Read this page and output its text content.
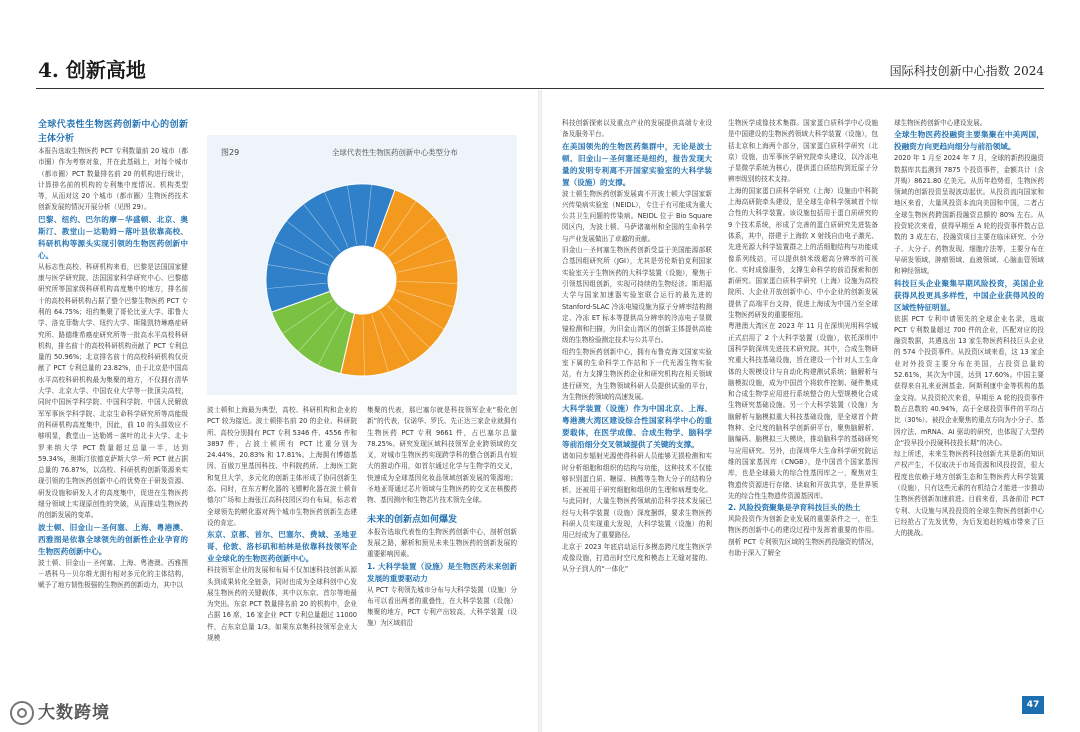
4. 创新高地	国际科技创新中心指数 2024

全球代表性生物医药创新中心的创新主体分析

本报告选取生物医药 PCT 专利数量前 20 城市（都市圈）作为考察对象，并在此基础上，对每个城市（都市圈）PCT 数量排名前 20 的机构进行统计，计算排名前的机构的专利集中度情况、机构类型等，从而对这 20 个城市（都市圈）生物医药技术创新发展的情况开展分析（见图 29）。

巴黎、纽约、巴尔的摩－华盛顿、北京、奥斯汀、教堂山－达勒姆－落叶县依靠高校、科研机构等源头实现引领的生物医药创新中心。

从标志性高校、科研机构来看，巴黎是法国国家健康与医学研究院、法国国家科学研究中心、巴黎德研究所等国家级科研机构高度集中的地方，排名前十的高校科研机构占据了整个巴黎生物医药 PCT 专利的 64.75%；纽约集聚了哥伦比亚大学、耶鲁大学、洛克菲勒大学、纽约大学、斯隆凯特琳癌症研究所、路德维希癌症研究所等一批高水平高校科研机构，排名前十的高校科研机构贡献了 PCT 专利总量的 50.96%；北京排名前十的高校科研机构仅贡献了 PCT 专利总量的 23.82%，由于北京是中国高水平高校科研机构最为集聚的地方，不仅拥有清华大学、北京大学、中国农业大学等一批顶尖高校，同时中国医学科学院、中国科学院、中国人民解放军军事医学科学院、北京生命科学研究所等高能级的科研机构高度集中，因此，前 10 的头部效应不够明显，教堂山－达勒姆－落叶的北卡大学、北卡罗来纳大学 PCT 数量超过总量一半，达到 59.34%，奥斯汀依德克萨斯大学一所 PCT 就占据总量的 76.87%，以高校、科研机构创新策源来实现引领的生物医药创新中心的优势在于研发资源、研发设施和研发人才的高度集中，促进在生物医药细分领域上实现原创性的突破，从而推动生物医药的创新发展的变革。

波士顿、旧金山－圣何塞、上海、粤港澳、西雅图是依靠全球领先的创新性企业孕育的生物医药创新中心。

波士顿、旧金山－圣何塞、上海、粤港澳、西雅图－塔科马－贝尔维尤拥有相对多元化的主体结构，赋予了地方韧性极强的生物医药创新动力，其中以

图29	全球代表性生物医药创新中心类型分布

波士顿和上海最为典型，高校、科研机构和企业的 PCT 较为接近。波士顿排名前 20 的企业、科研院所、高校分别拥有 PCT 专利 5346 件、4556 件和 3897 件，占波士顿所有 PCT 比重分别为 24.44%、20.83% 和 17.81%。上海拥有博德基因、百傲万里基因科技、中科院药所、上海医工院和复旦大学，多元化的创新主体形成了协同创新生态。同时，在东方孵化器的飞镖孵化器在波士顿肯德尔广场和上海张江高科技园区均有布局，标志着全球领先的孵化器对两个城市生物医药创新生态建设的肯定。

东京、京都、首尔、巴塞尔、费城、圣地亚哥、伦敦、洛杉矶和柏林是依靠科技领军企业全球化的生物医药创新中心。

科技领军企业的发展和布局不仅加速科技创新从源头到成果转化全链条，同时也成为全球科创中心发展生物医药的关键载体，其中以东京、首尔等地最为突出。东京 PCT 数量排名前 20 的机构中，企业占据 16 席，16 家企业 PCT 专利总量超过 11000 件，占东京总量 1/3。如果东京集科技领军企业大规模

集聚的代表，那巴塞尔就是科技领军企业“极化创新”的代表，仅诺华、罗氏、先正达三家企业就拥有生物医药 PCT 专利 9661 件，占巴塞尔总量 78.25%。研究发现区域科技领军企业跨领域的交叉，对城市生物医药实现跨学科的整合创新具有较大的推动作用，如首尔通过化学与生物学的交叉，快速成为全球基因化妆品领域创新发展的策源地；圣地亚哥通过芯片领域与生物医药的交叉在核酸药物、基因测序和生物芯片技术领先全球。

未来的创新点如何爆发

本报告选取代表性的生物医药创新中心，剖析创新发展之路，解析和预见未来生物医药的创新发展的重要影响因素。

1. 大科学装置（设施）是生物医药未来创新发展的重要驱动力

从 PCT 专利领先城市分布与大科学装置（设施）分布可以看出两者的重叠性，在大科学装置（设施）集聚的地方，PCT 专利产出较高，大科学装置（设施）为区域前沿

科技创新探索以及重点产业的发展提供高端专业设备及服务平台。

在美国领先的生物医药集群中，无论是波士顿、旧金山－圣何塞还是纽约，报告发现大量的发明专利离不开国家实验室的大科学装置（设施）的支撑。

波士顿生物医药创新发展离不开波士顿大学国家新兴传染病实验室（NEIDL），专注于有可能成为重大公共卫生问题的传染病。NEIDL 位于 Bio Square 园区内，为波士顿、马萨诸塞州和全国的生命科学与产业发展做出了卓越的贡献。

旧金山－圣何塞生物医药创新受益于美国能源部联合基因组研究所（JGI），尤其是劳伦斯伯克利国家实验室关于生物医药的大科学装置（设施），聚焦于引领基因组创新，实现可持续的生物经济。斯坦福大学与国家加速器实验室联合运行的最先进的 Stanford-SLAC 冷冻电镜设施为原子分辨率结构测定、冷冻 ET 标本等提供高分辨率的冷冻电子显微镜检测和扫描，为旧金山湾区的创新主体提供高能级的生物检验测定技术与公共平台。

纽约生物医药创新中心，拥有布鲁克海文国家实验室下属的生命科学工作站和下一代光源生物实验站，有力支撑生物医药企业和研究机构在相关领域进行研究，为生物领域科研人员提供试验的平台，为生物医药领域的高速发展。

大科学装置（设施）作为中国北京、上海、粤港澳大湾区建设综合性国家科学中心的重要载体，在医学成像、合成生物学、脑科学等前沿细分交叉领域提供了关键的支撑。

诸如同步辐射光源使得科研人员能够无损检测和实时分析细胞和组织的结构与功能，这种技术不仅能够识别蛋白质、糖原、核酸等生物大分子的结构分析，还被用于研究细胞和组织的生理和病理变化。与此同时，大量生物医药领域前沿科学技术发展已经与大科学装置（设施）深度捆绑，要求生物医药科研人员实现重大发现，大科学装置（设施）的利用已经成为了重要路径。

北京于 2023 年底启动运行多模态跨尺度生物医学成像设施，打造出时空尺度和模态上无缝对接的、从分子到人的“一体化”

生物医学成像技术集群。国家蛋白质科学中心设施是中国建设的生物医药领域大科学装置（设施），包括北京和上海两个部分，国家蛋白质科学研究（北京）设施，由军事医学研究院牵头建设，以冷冻电子显微学系统为核心，提供蛋白质结构到近原子分辨率级别的技术支持。

上海的国家蛋白质科学研究（上海）设施由中科院上海高研院牵头建设，是全球生命科学领域首个综合性的大科学装置。该设施包括用于蛋白质研究的 9 个技术系统，形成了完善的蛋白质研究先进装备体系，其中，搭建于上海软 X 射线自由电子激光、先进光源大科学装置群之上的活细胞结构与功能成像系列线站，可以提供纳米级超高分辨率的可视化、实时成像服务，支撑生命科学的前沿探索和创新研究。国家蛋白质科学研究（上海）设施为高校院所、大企业开放创新中心、中小企业的创新发展提供了高端平台支持，促进上海成为中国乃至全球生物医药研发的重要枢纽。

粤港澳大湾区在 2023 年 11 月在深圳光明科学城正式启用了 2 个大科学装置（设施），依托深圳中国科学院深圳先进技术研究院。其中，合成生物研究重大科技基础设施，旨在建设一个针对人工生命体的大规模设计与自动化构建测试系统；脑解析与脑模拟设施，成为中国首个将软件控制、硬件集成和合成生物学应用进行系统整合的大型规模化合成生物研究基础设施。另一个大科学装置（设施）为脑解析与脑模拟重大科技基础设施，是全球首个跨物种、全尺度的脑科学创新研平台，聚焦脑解析、脑编码、脑模拟三大模块，推动脑科学的基础研究与应用研究。另外，由深圳华大生命科学研究院运维的国家基因库（CNGB），是中国首个国家基因库，也是全球最大的综合性基因库之一，聚焦对生物遗传资源进行存储、读取和开放共享，是世界领先的综合性生物遗传资源基因库。

2. 风险投资聚集是孕育科技巨头的热土

风险投资作为创新企业发展的重要条件之一，在生物医药创新中心的建设过程中发挥着重要的作用。剖析 PCT 专利领先区域的生物医药投融资的情况，有助于深入了解全

球生物医药创新中心建设发展。

全球生物医药投融资主要集聚在中美两国，投融资方向更趋向细分与前沿领域。

2020 年 1 月至 2024 年 7 月，全球的新药投融资数据库共监测到 7875 个投资事件，金额共计（含并购）8621.80 亿美元。从历年趋势看，生物医药领域的创新投资呈现波动起伏。从投资流向国家和地区来看，大量风投资本流向美国和中国，二者占全球生物医药跨国新投融资总额的 80% 左右。从投资轮次来看，获得早期至 A 轮的投资事件数占总数的 3 成左右，投融资项目主要在临床研究、小分子、大分子、药物发现、细胞疗法等，主要分布在早研发领域、肿瘤领域、血液领域、心脑血管领域和神经领域。

科技巨头企业聚集早期风险投资，美国企业获得风投更具多样性，中国企业获得风投的区域性特征明显。

依据 PCT 专利申请领先的全球企业名录，选取 PCT 专利数量超过 700 件的企业，匹配对应的投融资数据，共遴选出 13 家生物医药科技巨头企业的 574 个投资事件。从投资区域来看，这 13 家企业对外投资主要分布在美国，占投资总量的 52.61%，其次为中国，达到 17.60%。中国主要获得来自礼来亚洲基金、阿斯利康中金等机构的基金支持。从投资轮次来看，早期至 A 轮的投资事件数占总数的 40.94%，高于全球投资事件的平均占比（30%）。被投企业聚焦的重点方向为小分子、基因疗法、mRNA、AI 驱动的研究，也体现了大型药企“投早投小投硬科技投长期”的决心。

综上所述，未来生物医药科技创新尤其是新的知识产权产生，不仅取决于市场资源和风投投资，很大程度也依赖于地方创新生态和生物医药大科学装置（设施），只有这些元素的有机结合才能进一步推动生物医药创新加速前进。目前来看，具备前沿 PCT 专利、大设施与风投投资的全球生物医药创新中心已经抢占了先发优势，为后发追赶的城市带来了巨大的挑战。

47
大数跨境
